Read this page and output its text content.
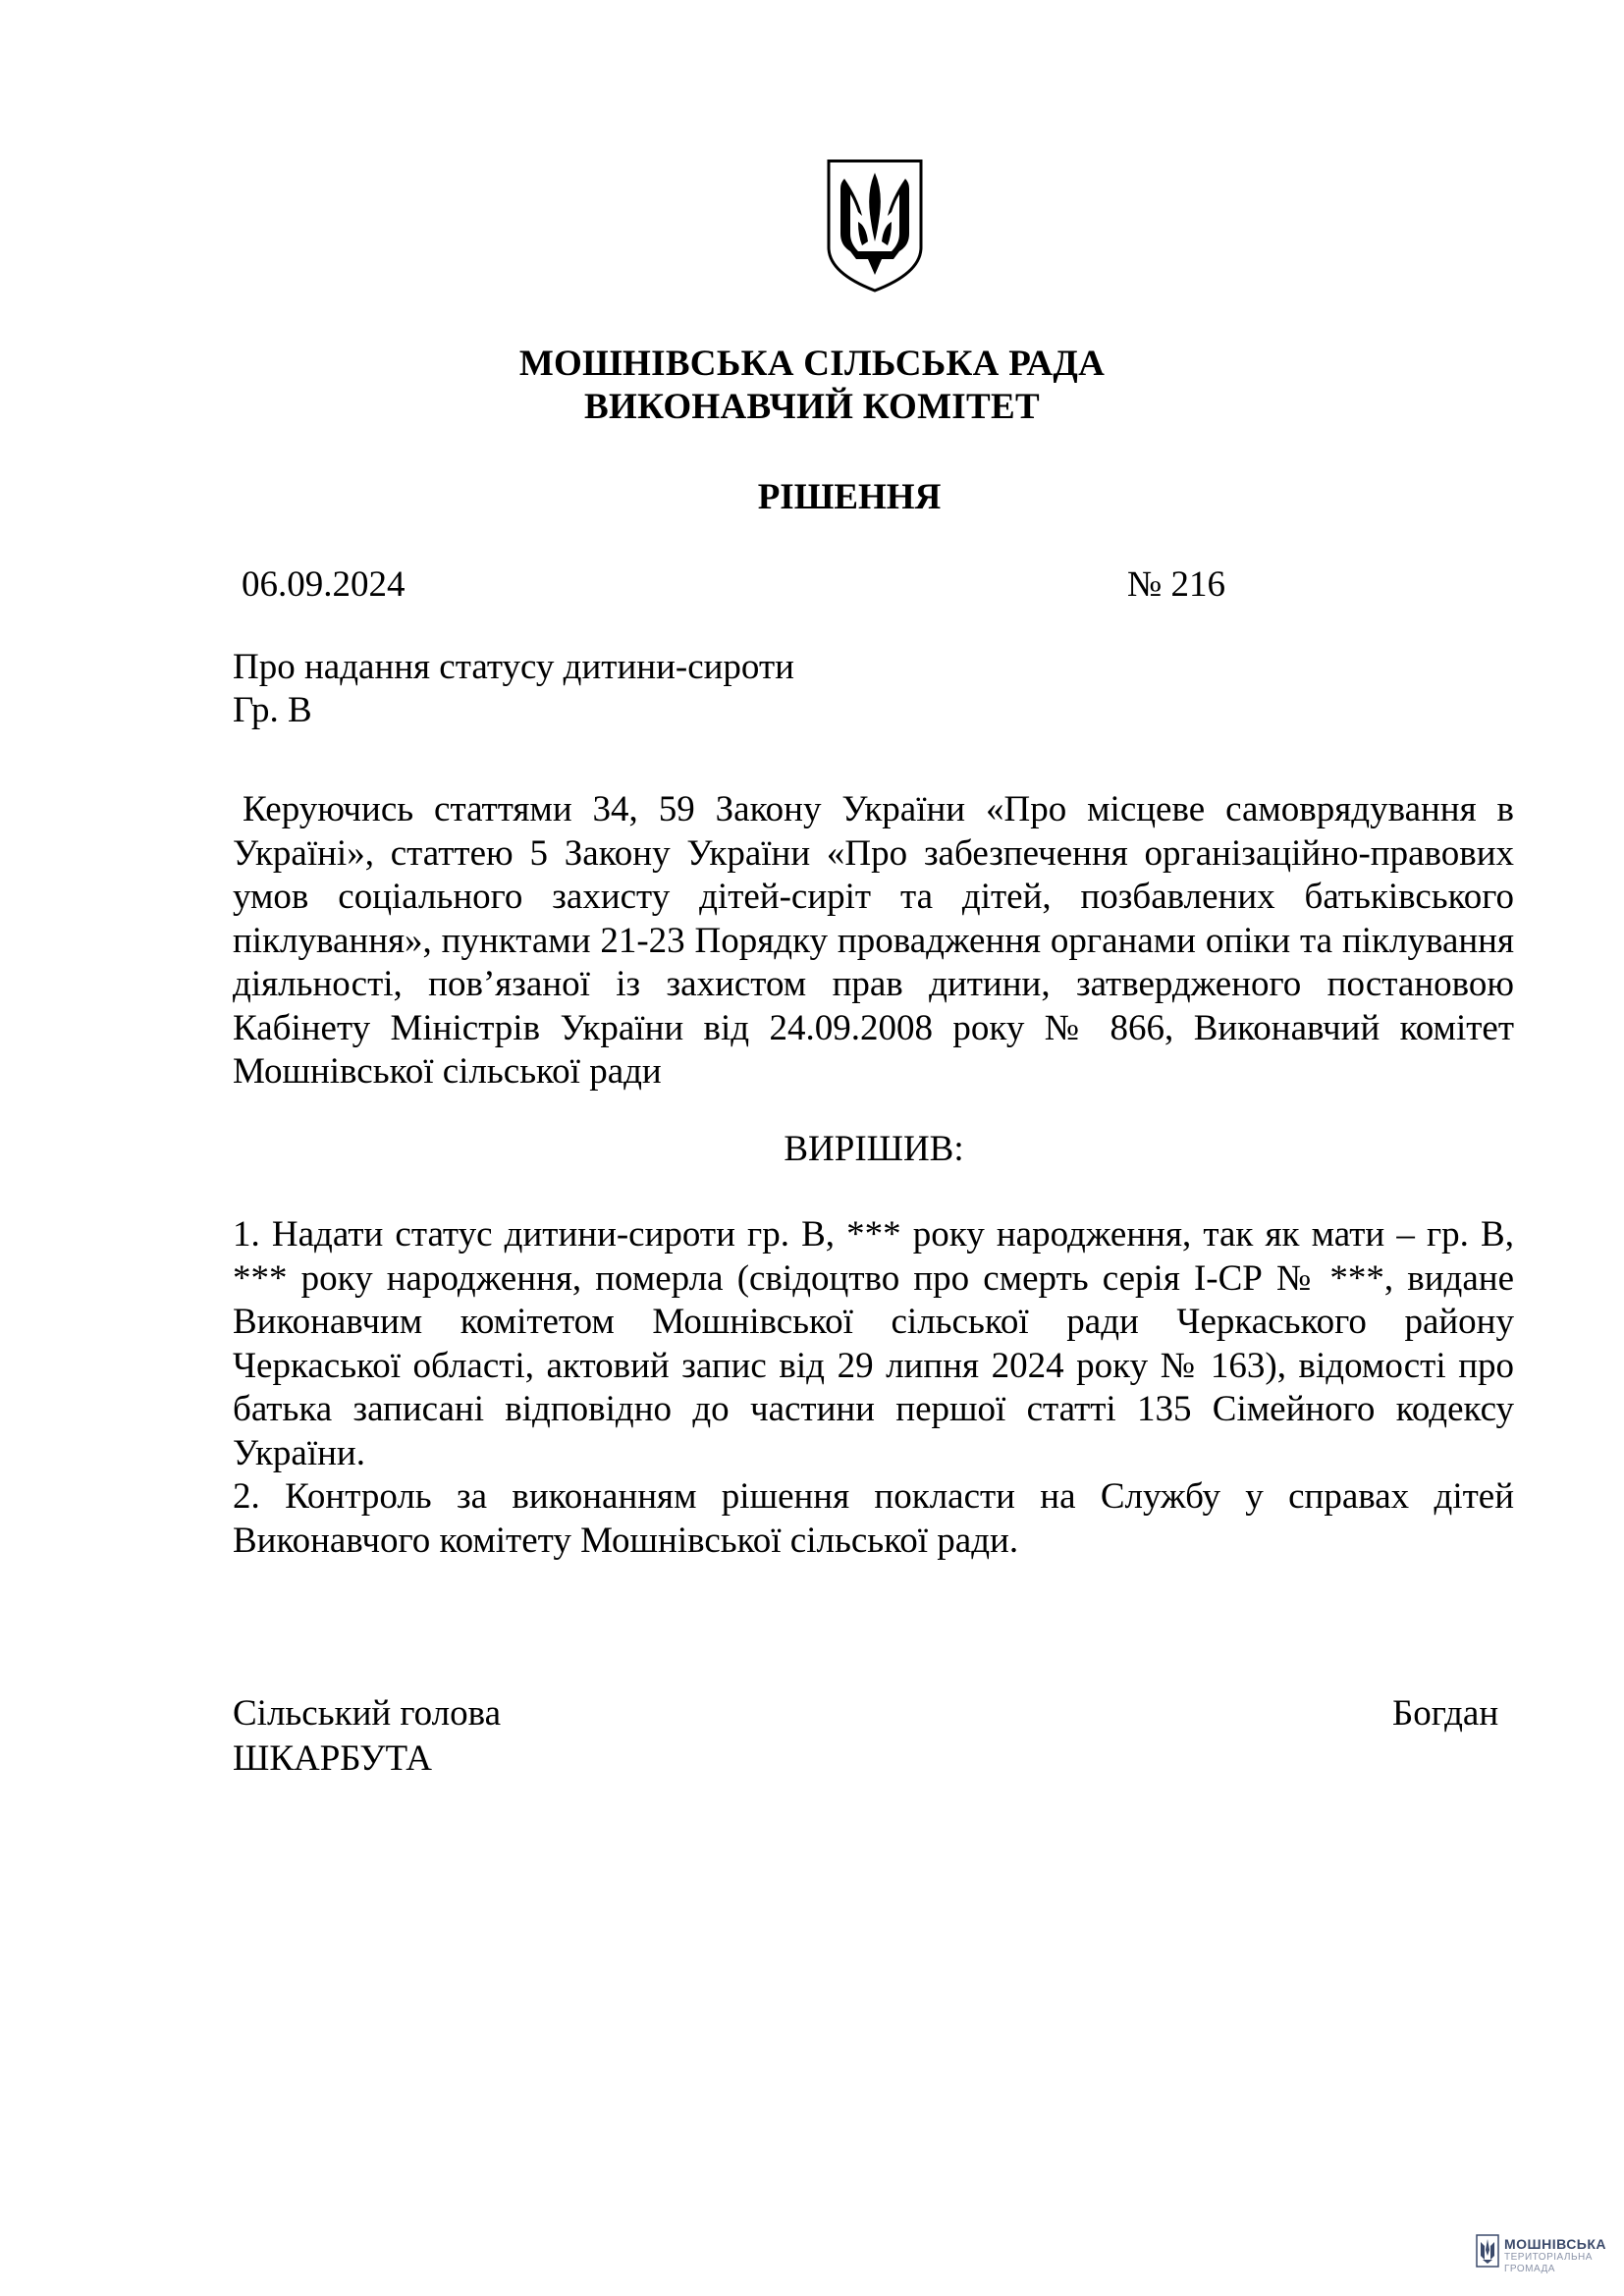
МОШНІВСЬКА СІЛЬСЬКА РАДА
ВИКОНАВЧИЙ КОМІТЕТ
РІШЕННЯ
06.09.2024	№ 216
Про надання статусу дитини-сироти
Гр. В

Керуючись статтями 34, 59 Закону України «Про місцеве самоврядування в Україні», статтею 5 Закону України «Про забезпечення організаційно-правових умов соціального захисту дітей-сиріт та дітей, позбавлених батьківського піклування», пунктами 21-23 Порядку провадження органами опіки та піклування діяльності, пов’язаної із захистом прав дитини, затвердженого постановою Кабінету Міністрів України від 24.09.2008 року № 866, Виконавчий комітет Мошнівської сільської ради

ВИРІШИВ:

1. Надати статус дитини-сироти гр. В, *** року народження, так як мати – гр. В, *** року народження, померла (свідоцтво про смерть серія І-СР № ***, видане Виконавчим комітетом Мошнівської сільської ради Черкаського району Черкаської області, актовий запис від 29 липня 2024 року № 163), відомості про батька записані відповідно до частини першої статті 135 Сімейного кодексу України.

2. Контроль за виконанням рішення покласти на Службу у справах дітей Виконавчого комітету Мошнівської сільської ради.

Сільський голова	Богдан
ШКАРБУТА
МОШНІВСЬКА
ТЕРИТОРІАЛЬНА
ГРОМАДА
